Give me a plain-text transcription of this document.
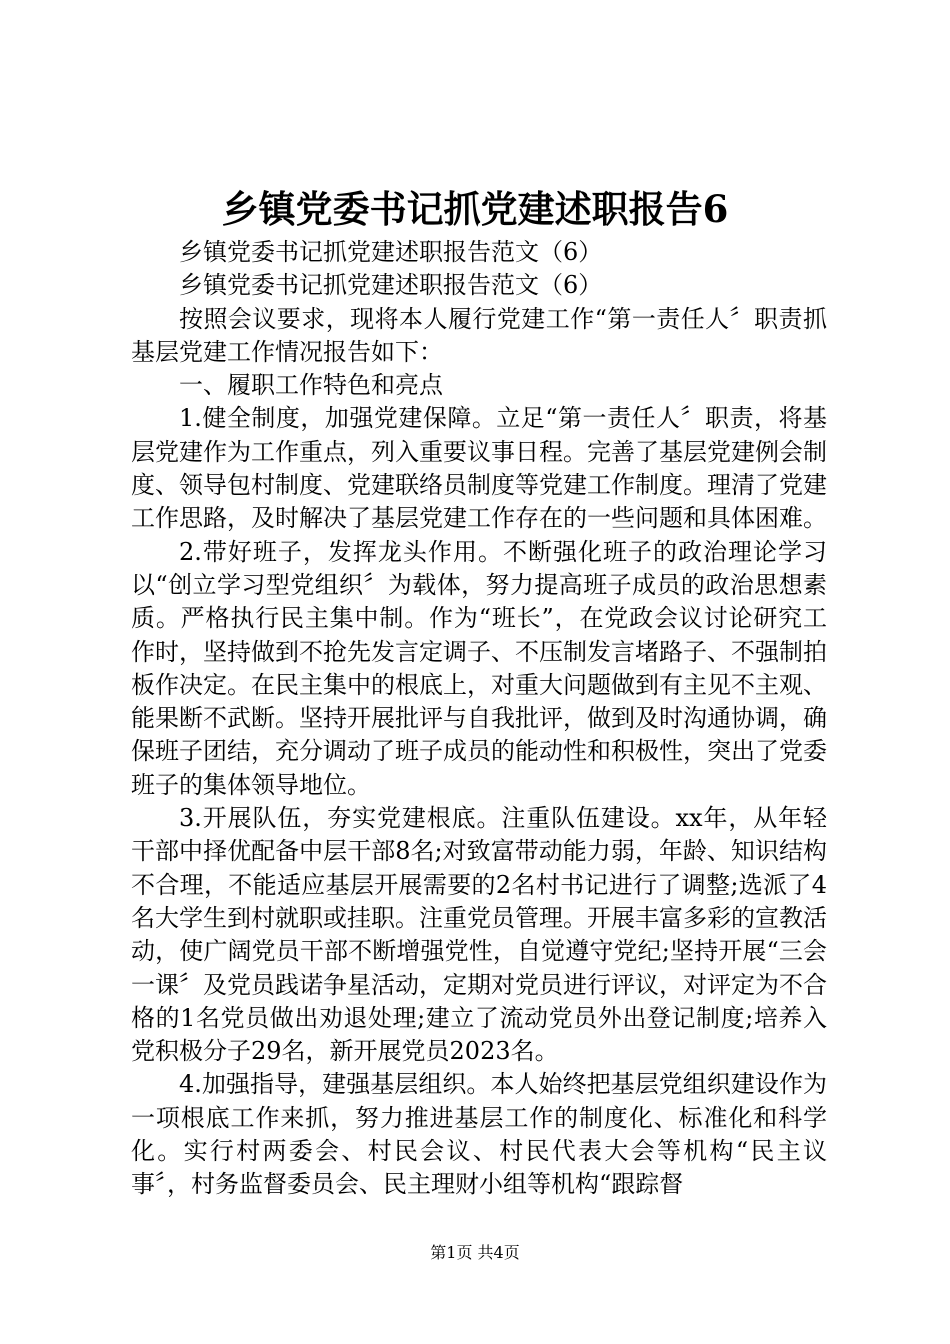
乡镇党委书记抓党建述职报告6

乡镇党委书记抓党建述职报告范文（6）

乡镇党委书记抓党建述职报告范文（6）

按照会议要求，现将本人履行党建工作“第一责任人〞职责抓基层党建工作情况报告如下：

一、履职工作特色和亮点

1.健全制度，加强党建保障。立足“第一责任人〞职责，将基层党建作为工作重点，列入重要议事日程。完善了基层党建例会制度、领导包村制度、党建联络员制度等党建工作制度。理清了党建工作思路，及时解决了基层党建工作存在的一些问题和具体困难。

2.带好班子，发挥龙头作用。不断强化班子的政治理论学习以“创立学习型党组织〞为载体，努力提高班子成员的政治思想素质。严格执行民主集中制。作为“班长”，在党政会议讨论研究工作时，坚持做到不抢先发言定调子、不压制发言堵路子、不强制拍板作决定。在民主集中的根底上，对重大问题做到有主见不主观、能果断不武断。坚持开展批评与自我批评，做到及时沟通协调，确保班子团结，充分调动了班子成员的能动性和积极性，突出了党委班子的集体领导地位。

3.开展队伍，夯实党建根底。注重队伍建设。xx年，从年轻干部中择优配备中层干部8名;对致富带动能力弱，年龄、知识结构不合理，不能适应基层开展需要的2名村书记进行了调整;选派了4名大学生到村就职或挂职。注重党员管理。开展丰富多彩的宣教活动，使广阔党员干部不断增强党性，自觉遵守党纪;坚持开展“三会一课〞及党员践诺争星活动，定期对党员进行评议，对评定为不合格的1名党员做出劝退处理;建立了流动党员外出登记制度;培养入党积极分子29名，新开展党员2023名。

4.加强指导，建强基层组织。本人始终把基层党组织建设作为一项根底工作来抓，努力推进基层工作的制度化、标准化和科学化。实行村两委会、村民会议、村民代表大会等机构“民主议事〞，村务监督委员会、民主理财小组等机构“跟踪督

第1页 共4页
